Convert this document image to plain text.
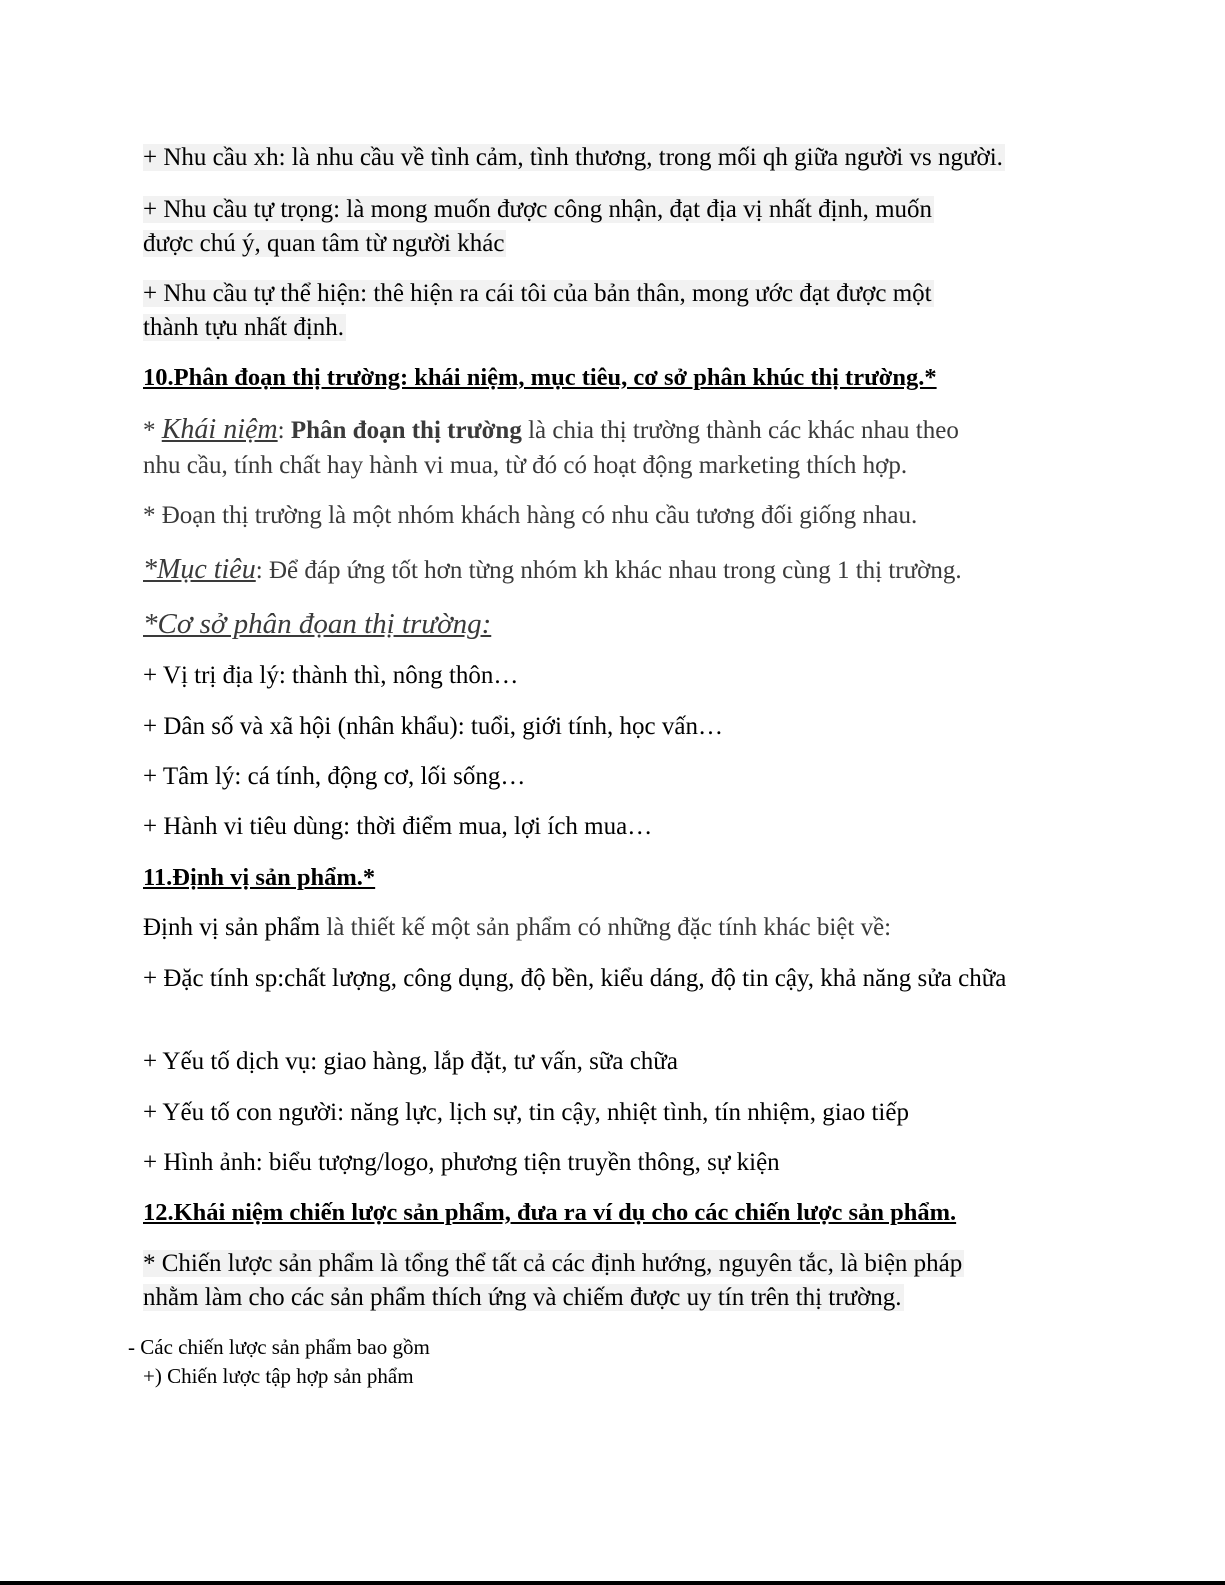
+ Nhu cầu xh: là nhu cầu về tình cảm, tình thương, trong mối qh giữa người vs người.

+ Nhu cầu tự trọng: là mong muốn được công nhận, đạt địa vị nhất định, muốn

được chú ý, quan tâm từ người khác

+ Nhu cầu tự thể hiện: thê hiện ra cái tôi của bản thân, mong ước đạt được một

thành tựu nhất định.

10.Phân đoạn thị trường: khái niệm, mục tiêu, cơ sở phân khúc thị trường.*

* Khái niệm: Phân đoạn thị trường là chia thị trường thành các khác nhau theo

nhu cầu, tính chất hay hành vi mua, từ đó có hoạt động marketing thích hợp.

* Đoạn thị trường là một nhóm khách hàng có nhu cầu tương đối giống nhau.

*Mục tiêu: Để đáp ứng tốt hơn từng nhóm kh khác nhau trong cùng 1 thị trường.

*Cơ sở phân đọan thị trường:

+ Vị trị địa lý: thành thì, nông thôn…

+ Dân số và xã hội (nhân khẩu): tuổi, giới tính, học vấn…

+ Tâm lý: cá tính, động cơ, lối sống…

+ Hành vi tiêu dùng: thời điểm mua, lợi ích mua…

11.Định vị sản phẩm.*

Định vị sản phẩm là thiết kế một sản phẩm có những đặc tính khác biệt về:

+ Đặc tính sp:chất lượng, công dụng, độ bền, kiểu dáng, độ tin cậy, khả năng sửa chữa

+ Yếu tố dịch vụ: giao hàng, lắp đặt, tư vấn, sữa chữa

+ Yếu tố con người: năng lực, lịch sự, tin cậy, nhiệt tình, tín nhiệm, giao tiếp

+ Hình ảnh: biểu tượng/logo, phương tiện truyền thông, sự kiện

12.Khái niệm chiến lược sản phẩm, đưa ra ví dụ cho các chiến lược sản phẩm.

* Chiến lược sản phẩm là tổng thể tất cả các định hướng, nguyên tắc, là biện pháp

nhằm làm cho các sản phẩm thích ứng và chiếm được uy tín trên thị trường.

- Các chiến lược sản phẩm bao gồm

+) Chiến lược tập hợp sản phẩm
